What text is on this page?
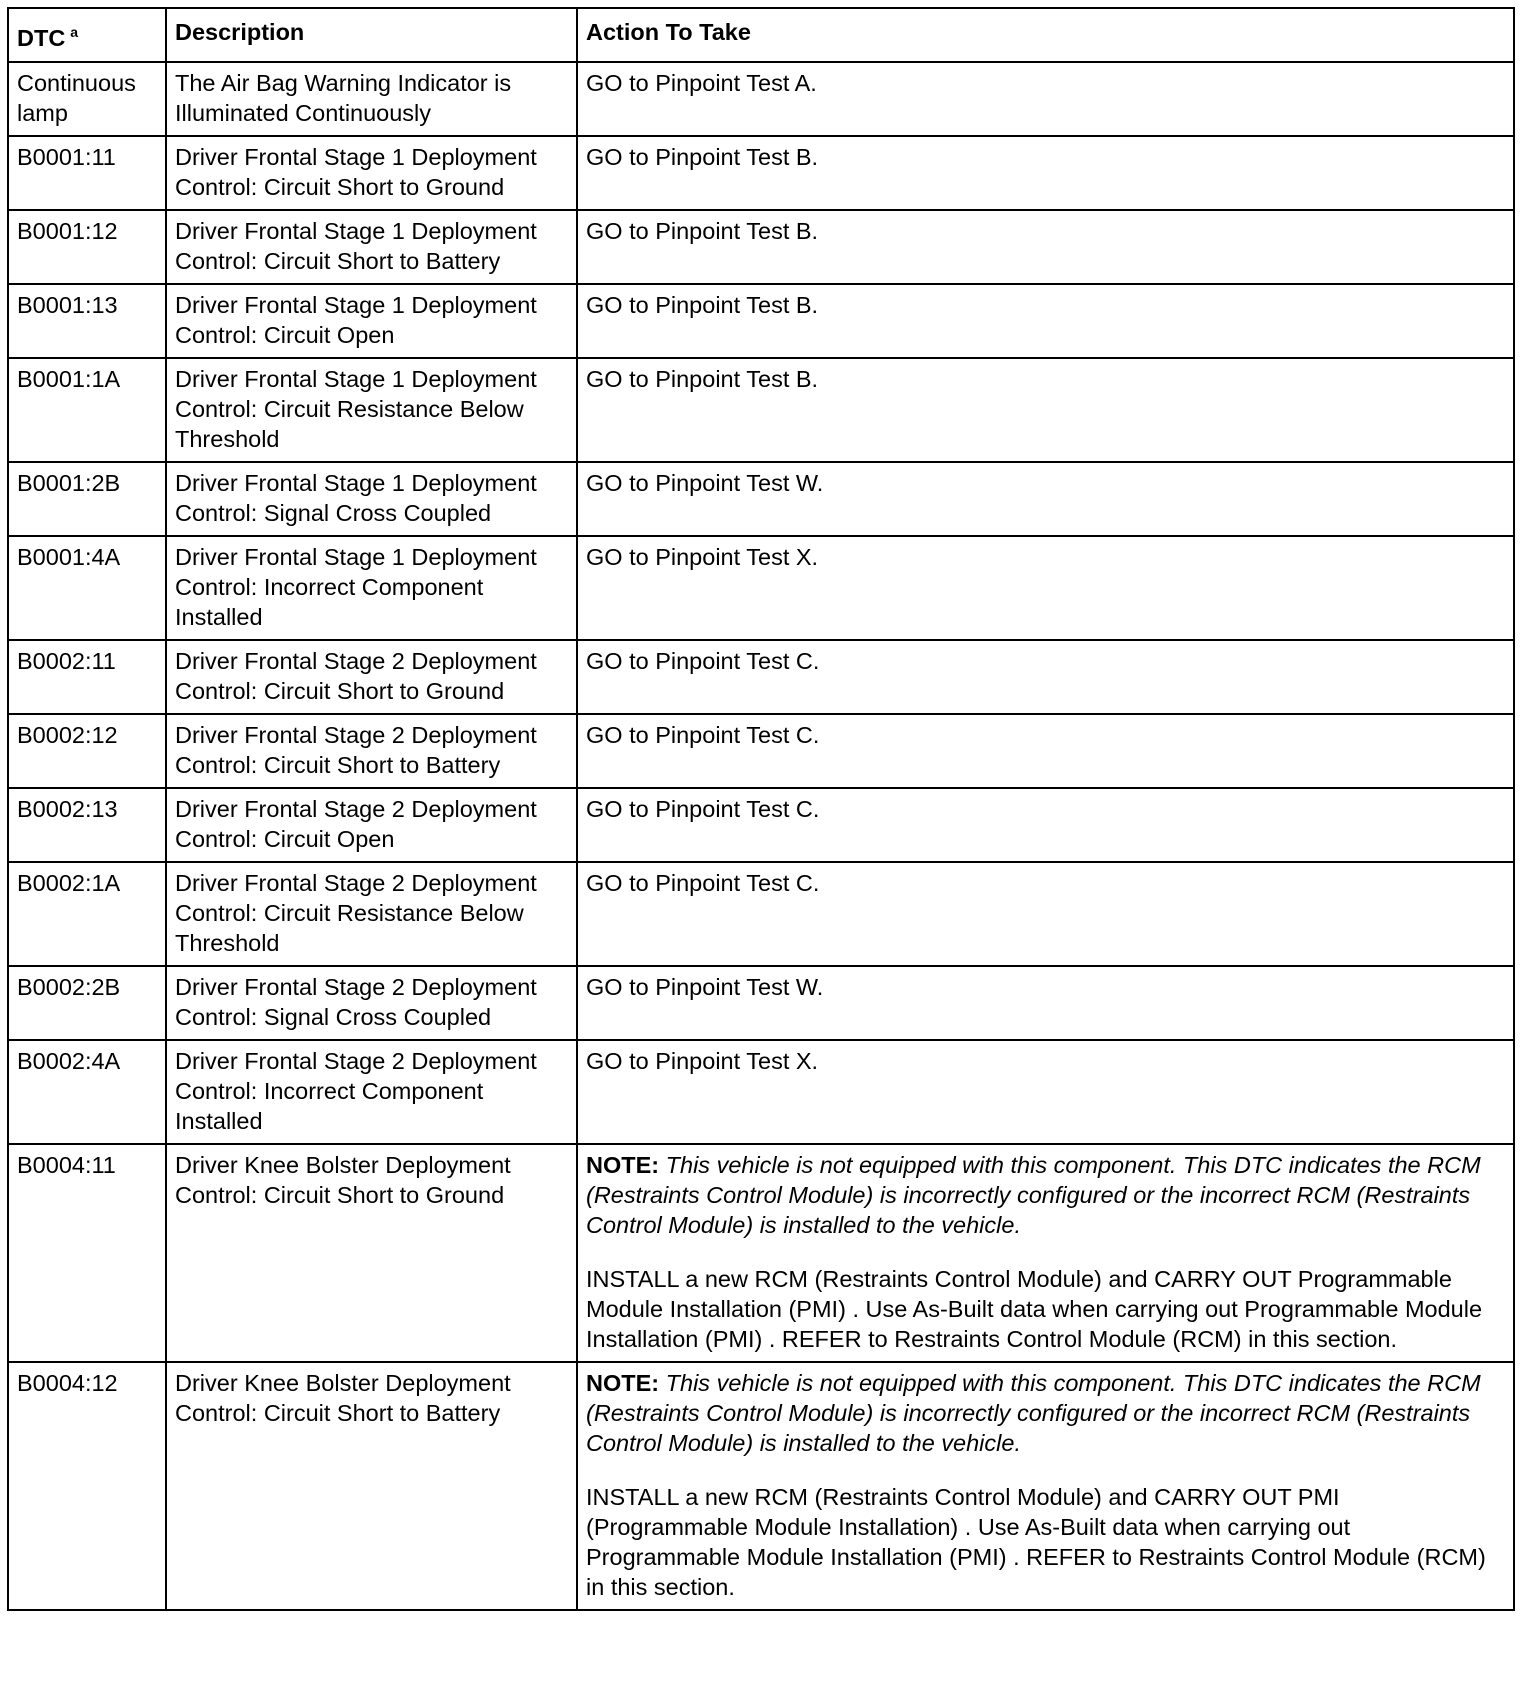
DTC $^a$	Description	Action To Take
Continuous lamp	The Air Bag Warning Indicator is Illuminated Continuously	GO to Pinpoint Test A.
B0001:11	Driver Frontal Stage 1 Deployment Control: Circuit Short to Ground	GO to Pinpoint Test B.
B0001:12	Driver Frontal Stage 1 Deployment Control: Circuit Short to Battery	GO to Pinpoint Test B.
B0001:13	Driver Frontal Stage 1 Deployment Control: Circuit Open	GO to Pinpoint Test B.
B0001:1A	Driver Frontal Stage 1 Deployment Control: Circuit Resistance Below Threshold	GO to Pinpoint Test B.
B0001:2B	Driver Frontal Stage 1 Deployment Control: Signal Cross Coupled	GO to Pinpoint Test W.
B0001:4A	Driver Frontal Stage 1 Deployment Control: Incorrect Component Installed	GO to Pinpoint Test X.
B0002:11	Driver Frontal Stage 2 Deployment Control: Circuit Short to Ground	GO to Pinpoint Test C.
B0002:12	Driver Frontal Stage 2 Deployment Control: Circuit Short to Battery	GO to Pinpoint Test C.
B0002:13	Driver Frontal Stage 2 Deployment Control: Circuit Open	GO to Pinpoint Test C.
B0002:1A	Driver Frontal Stage 2 Deployment Control: Circuit Resistance Below Threshold	GO to Pinpoint Test C.
B0002:2B	Driver Frontal Stage 2 Deployment Control: Signal Cross Coupled	GO to Pinpoint Test W.
B0002:4A	Driver Frontal Stage 2 Deployment Control: Incorrect Component Installed	GO to Pinpoint Test X.
B0004:11	Driver Knee Bolster Deployment Control: Circuit Short to Ground	NOTE: This vehicle is not equipped with this component. This DTC indicates the RCM (Restraints Control Module) is incorrectly configured or the incorrect RCM (Restraints Control Module) is installed to the vehicle.
INSTALL a new RCM (Restraints Control Module) and CARRY OUT Programmable Module Installation (PMI) . Use As-Built data when carrying out Programmable Module Installation (PMI) . REFER to Restraints Control Module (RCM) in this section.

B0004:12	Driver Knee Bolster Deployment Control: Circuit Short to Battery	NOTE: This vehicle is not equipped with this component. This DTC indicates the RCM (Restraints Control Module) is incorrectly configured or the incorrect RCM (Restraints Control Module) is installed to the vehicle.
INSTALL a new RCM (Restraints Control Module) and CARRY OUT PMI (Programmable Module Installation) . Use As-Built data when carrying out Programmable Module Installation (PMI) . REFER to Restraints Control Module (RCM) in this section.
